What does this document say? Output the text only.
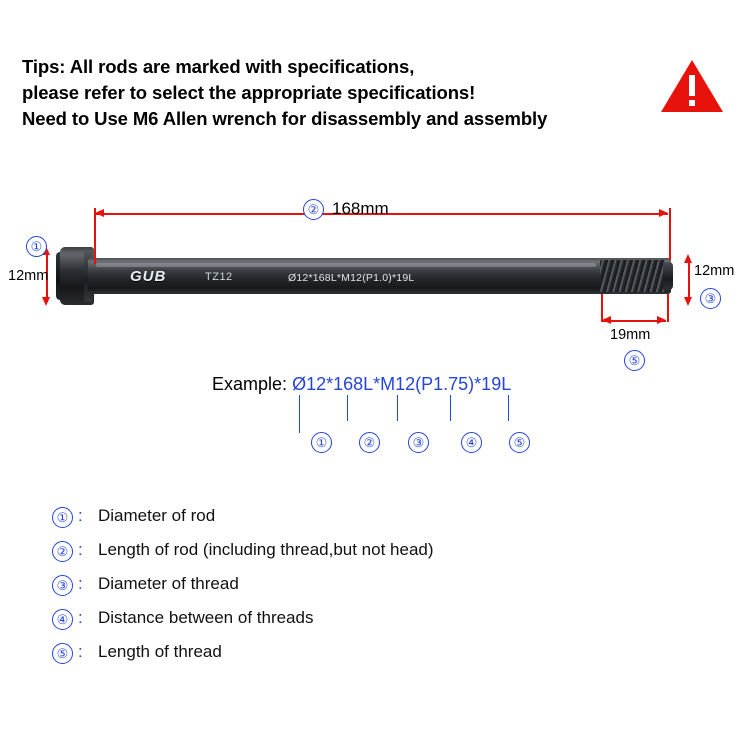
Tips: All rods are marked with specifications,
please refer to select the appropriate specifications!
Need to Use M6 Allen wrench for disassembly and assembly
GUB	TZ12	Ø12*168L*M12(P1.0)*19L
② 168mm
①
12mm	12mm
③
19mm
⑤
Example: Ø12*168L*M12(P1.75)*19L
①	②	③	④	⑤
① : Diameter of rod
② : Length of rod (including thread,but not head)
③ : Diameter of thread
④ : Distance between of threads
⑤ : Length of thread
